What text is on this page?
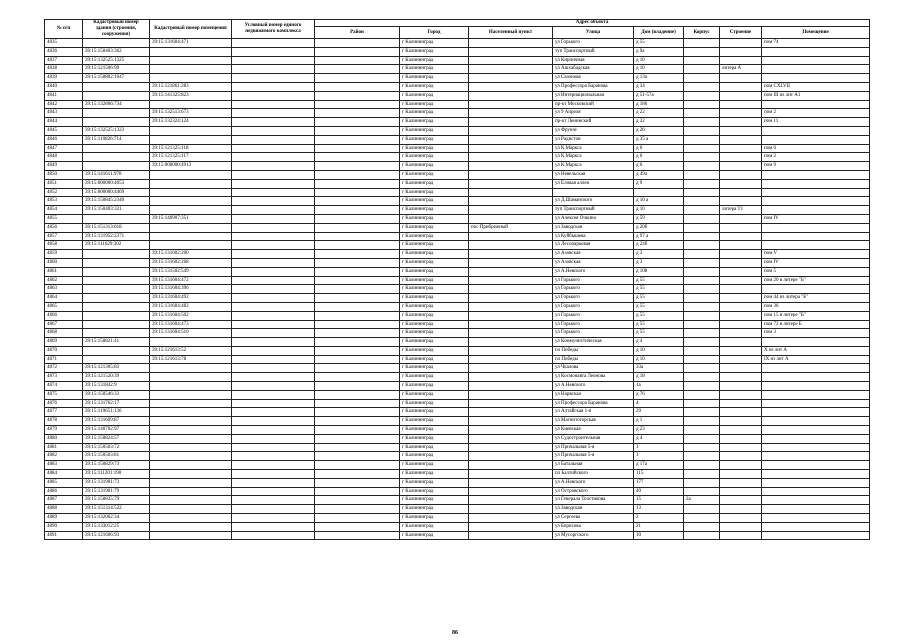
№ п/п	Кадастровый номер здания (строения, сооружения)	Кадастровый номер помещения	Условный номер единого недвижимого комплекса	Адрес объекта							
				Район	Город	Населенный пункт	Улица	Дом (владение)	Корпус	Строение	Помещение

4835		39:15:131604:471			г Калининград		ул Горького	д 55			пом 74
4836	39:15:150403:362				г Калининград		туп Транспортный	д 9а			
4837	39:15:132525:1325				г Калининград		ул Кирпичная	д 10			
4838	39:15:121506:99				г Калининград		ул Ашхабадская	д 10		литера А	
4839	39:15:150802:1047				г Калининград		ул Сазонова	д 13а			
4840		39:15:121861:283			г Калининград		ул Профессора Баранова	д 34			пом CXLVII
4841		39:15:141325:823			г Калининград		ул Интернациональная	д 51-57а			пом III из лит А1
4842	39:15:132806:734				г Калининград		пр-кт Московский	д 186			
4843		39:15:132513:673			г Калининград		ул 9 Апреля	д 22			пом 2
4844		39:15:132324:124			г Калининград		пр-кт Ленинский	д 32			пом 11
4845	39:15:132525:1323				г Калининград		ул Фрунзе	д 26			
4846	39:15:110826:714				г Калининград		ул Радистов	д 35 а			
4847		39:15:121325:118			г Калининград		ул К.Маркса	д 6			пом 6
4848		39:15:121325:117			г Калининград		ул К.Маркса	д 6			пом 2
4849		39:15:000000:4913			г Калининград		ул К.Маркса	д 6			пом 9
4850	39:15:141611:978				г Калининград		ул Невельская	д 49а			
4851	39:15:000000:4053				г Калининград		ул Еловая аллея	д 9			
4852	39:15:000000:4469				г Калининград						
4853	39:15:150845:2340				г Калининград		ул Д.Шаманского	д 10 а			
4854	39:15:150403:321				г Калининград		туп Транспортный	д 10		литера Т1	
4855		39:15:140907:351			г Калининград		ул Алексея Очкина	д 59			пом IV
4856	39:15:151313:618				г Калининград	пос Прибрежный	ул Заводская	д 20б			
4857	39:15:131952:2371				г Калининград		ул Куйбышева	д 97 а			
4858	39:15:111629:302				г Калининград		ул Лесопарковая	д 24б			
4859		39:15:131602:200			г Калининград		ул Азовская	д 3			пом V
4860		39:15:131602:268			г Калининград		ул Азовская	д 3			пом IV
4861		39:15:131502:549			г Калининград		ул А.Невского	д 108			пом 5
4862		39:15:131604:472			г Калининград		ул Горького	д 55			пом 20 в литере "Б"
4863		39:15:131604:396			г Калининград		ул Горького	д 55			
4864		39:15:131604:492			г Калининград		ул Горького	д 55			пом 44 из литера "Б"
4865		39:15:131604:482			г Калининград		ул Горького	д 55			пом 36
4866		39:15:131604:502			г Калининград		ул Горького	д 55			пом 15 в литере "Б"
4867		39:15:131604:473			г Калининград		ул Горького	д 55			пом 72 в литере Б
4868		39:15:131604:510			г Калининград		ул Горького	д 55			пом 3
4869	39:15:150821:41				г Калининград		ул Коммунистическая	д 4			
4870		39:15:121613:52			г Калининград		пл Победы	д 10			X из лит А
4871		39:15:121613:78			г Калининград		пл Победы	д 10			IX из лит А
4872	39:15:121305:83				г Калининград		ул Чкалова	33а			
4873	39:15:121520:39				г Калининград		ул Космонавта Леонова	д 18			
4874	39:15:131842:9				г Калининград		ул А.Невского	1а			
4875	39:15:150546:33				г Калининград		ул Нарвская	д 76			
4876	39:15:131762:17				г Калининград		ул Профессора Баранова	4			
4877	39:15:110651:136				г Калининград		ул Алтайская 1-я	29			
4878	39:15:131609:87				г Калининград		ул Магнитогорская	д 1			
4879	39:15:140702:97				г Калининград		ул Киевская	д 23			
4880	39:15:150824:57				г Калининград		ул Судостроительная	д 4			
4881	39:15:150503:72				г Калининград		ул Причальная 5-я	1			
4882	39:15:150503:81				г Калининград		ул Причальная 5-я	1			
4883	39:15:150829:73				г Калининград		ул Батальная	д 17а			
4884	39:15:111201:190				г Калининград		пл Балтийского	115			
4885	39:15:131901:73				г Калининград		ул А.Невского	177			
4886	39:15:131901:79				г Калининград		ул Островского	40			
4887	39:15:150835:79				г Калининград		ул Генерала Толстикова	15	2а		
4888	39:15:151314:522				г Калининград		ул Заводская	13			
4889	39:15:132062:34				г Калининград		ул Сергеева	2			
4890	39:15:133012:25				г Калининград		ул Борисова	21			
4891	39:15:121606:93				г Калининград		ул Мусоргского	10			
86
